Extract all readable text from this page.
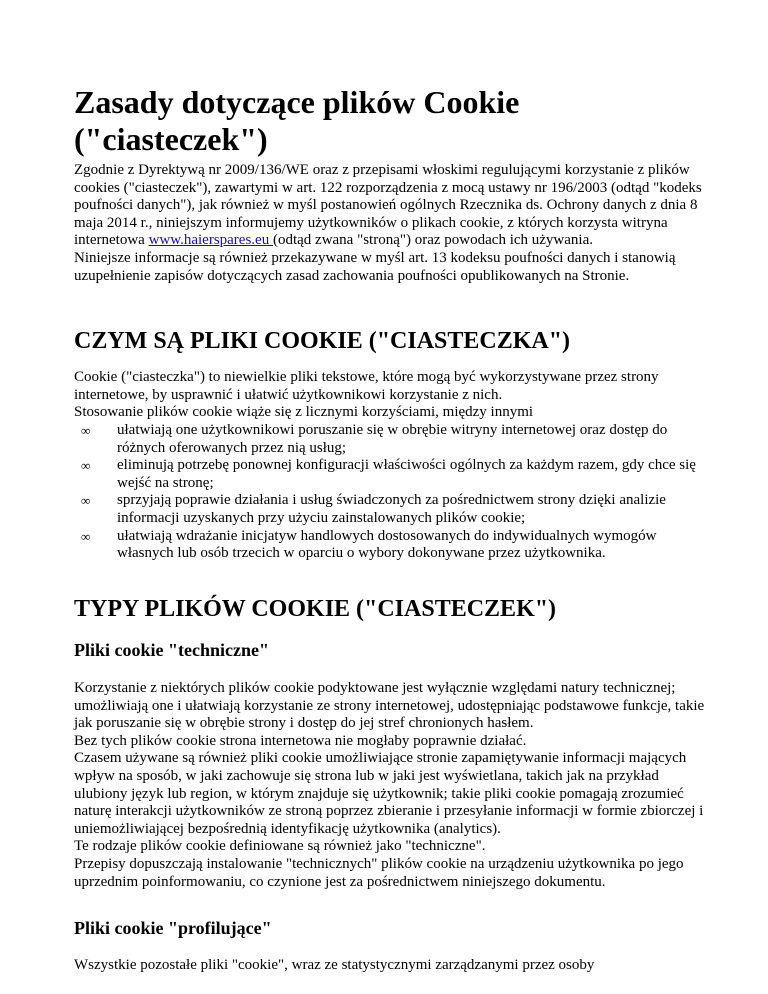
Zasady dotyczące plików Cookie ("ciasteczek")

Zgodnie z Dyrektywą nr 2009/136/WE oraz z przepisami włoskimi regulującymi korzystanie z plików cookies ("ciasteczek"), zawartymi w art. 122 rozporządzenia z mocą ustawy nr 196/2003 (odtąd "kodeks poufności danych"), jak również w myśl postanowień ogólnych Rzecznika ds. Ochrony danych z dnia 8 maja 2014 r., niniejszym informujemy użytkowników o plikach cookie, z których korzysta witryna internetowa www.haierspares.eu (odtąd zwana "stroną") oraz powodach ich używania.
Niniejsze informacje są również przekazywane w myśl art. 13 kodeksu poufności danych i stanowią uzupełnienie zapisów dotyczących zasad zachowania poufności opublikowanych na Stronie.

CZYM SĄ PLIKI COOKIE ("CIASTECZKA")

Cookie ("ciasteczka") to niewielkie pliki tekstowe, które mogą być wykorzystywane przez strony internetowe, by usprawnić i ułatwić użytkownikowi korzystanie z nich.
Stosowanie plików cookie wiąże się z licznymi korzyściami, między innymi

∞ ułatwiają one użytkownikowi poruszanie się w obrębie witryny internetowej oraz dostęp do różnych oferowanych przez nią usług;
∞ eliminują potrzebę ponownej konfiguracji właściwości ogólnych za każdym razem, gdy chce się wejść na stronę;
∞ sprzyjają poprawie działania i usług świadczonych za pośrednictwem strony dzięki analizie informacji uzyskanych przy użyciu zainstalowanych plików cookie;
∞ ułatwiają wdrażanie inicjatyw handlowych dostosowanych do indywidualnych wymogów własnych lub osób trzecich w oparciu o wybory dokonywane przez użytkownika.
TYPY PLIKÓW COOKIE ("CIASTECZEK")
Pliki cookie "techniczne"

Korzystanie z niektórych plików cookie podyktowane jest wyłącznie względami natury technicznej; umożliwiają one i ułatwiają korzystanie ze strony internetowej, udostępniając podstawowe funkcje, takie jak poruszanie się w obrębie strony i dostęp do jej stref chronionych hasłem.
Bez tych plików cookie strona internetowa nie mogłaby poprawnie działać.
Czasem używane są również pliki cookie umożliwiające stronie zapamiętywanie informacji mających wpływ na sposób, w jaki zachowuje się strona lub w jaki jest wyświetlana, takich jak na przykład ulubiony język lub region, w którym znajduje się użytkownik; takie pliki cookie pomagają zrozumieć naturę interakcji użytkowników ze stroną poprzez zbieranie i przesyłanie informacji w formie zbiorczej i uniemożliwiającej bezpośrednią identyfikację użytkownika (analytics).
Te rodzaje plików cookie definiowane są również jako "techniczne".
Przepisy dopuszczają instalowanie "technicznych" plików cookie na urządzeniu użytkownika po jego uprzednim poinformowaniu, co czynione jest za pośrednictwem niniejszego dokumentu.

Pliki cookie "profilujące"

Wszystkie pozostałe pliki "cookie", wraz ze statystycznymi zarządzanymi przez osoby
